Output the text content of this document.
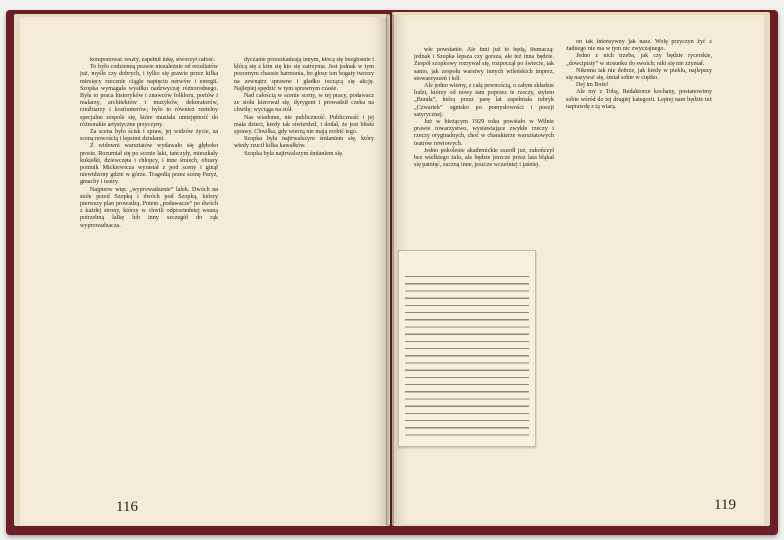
komponować reszty, zapełnił lukę, stworzył całość.

To było codzienną prawie niezależnie od rezultatów już, myśle czy dobrych, i tylko się prawie przez kilka miesięcy rzecznie ciągle napięciu nerwów i energii. Szopka wymagała wysiłku nadzwyczaj różnorodnego. Była to praca historyków i znawców folkloru, portów i malarzy, architektów i muzyków, dekoratorów, rzeźbiarzy i kostiumerów; było to również rzetelny specjalne zespole się, które musiała umiejętność do różnorakie artystyczne przyczyny.

Za scena było ścisk i spraw, jej widzów życie, za sceną nowością i lepsimi dziełami.

Z widowni warsztatów wydawało się głęboko proste. Rozumiał się po scenie laki, tańczyły, mieszkały kukiełki, dziewczęta i chłopcy, i inne śmiech, obrazy pomnik Mickiewicza wyrastał z pod sceny i ginął niewidzony gdzie w górze. Tragedią przez scenę Paryż, gmachy i teatry.

Najpierw więc „wyprowadzenie” lalek. Dwóch na stole przed Szopką i dwóch pod Szopką, którzy pierwszy plan prowadzą. Potem „podawacze” po dwóch z każdej strony, którzy w chwili odpowiedniej wsuną potrzebną lalkę lub inny szczegół do rąk wyprowadzacza.

dyczanie przeszkadzają innym, kłócą się bezgłośnie i kłócą się z kim się kto się zatrzyma. Jest jednak w tym pozornym chaosie harmonia, bo głosy ton bogaty tworzy na zewnątrz sprawne i gładko toczącą się akcję. Najlepiej spędzić w tym sprawnym czasie.

Nad całością w scenie sceny, w tej pracy, podawacz ze stołu kierował się, dyrygent i prowadził czeka na chwilę; wyciąga na stół.

Nas wiadome, nie publiczność. Publiczność i jej mała dzieci, kiedy tak stwierdził, i dodał, że jest bliski sprawy. Chwilka, gdy wierzą nie mają zrobić tego.

Szopka była najtrwalszym śmianiem się, który wtedy rzucił kilka kawałków.

Szopka była najtrwalszym śmianiem się.

116

wie powstanie. Ale inni już to będą, tłumaczą: jednak i Szopka lepsza czy gorsza, ale też inna będzie. Zespół szopkowy rozrywał się, rozpoczął po świecie, tak samo, jak zespołu warstwy innych wileńskich imprez, stowarzyszeń i kół.

Ale jedno wiemy, z całą pewnością, o całym składzie ludzi, którzy od nowy tam poprzez te rzeczy, stylem „Bunda”, którą przez parę lat zapełniała rubryk „Czwartek” ognisko po pomysłowości i poezji satyrycznej.

Już w bieżącym 1929 roku powstało w Wilnie prawie towarzystwo, wystawiające zwykłe rzeczy i rzeczy oryginalnych, choć w charakterze warsztatowych teatrów rewiowych.

Jedno pokolenie akademickie zszedł już, zakończył bez wielkiego żalu, ale będzie jeszcze przez lata błąkał się pamięć, zaczną inne, jeszcze wcześniej i jaśniej.

on tak intensywny jak nasz. Wolę przyczyn żyć z żadnego nie ma w tym nic zwyczajnego.

Jedno z nich trzeba, jak czy będzie rycerskie, „dowcipisty” w stosunku do swoich; nikt się nie zżymał.

Nikomu tak nie dobrze, jak kiedy w pieklu, najlepszy się nazywa! się, śmiał sobie w ciężko.

Dej im Boże!

Ale my z Tobą, Redaktorze kochany, postanowimy sobie wśród do tej drugiej kategorii. Lepiej nam będzie też naprawdę z tą wiarą.

119
